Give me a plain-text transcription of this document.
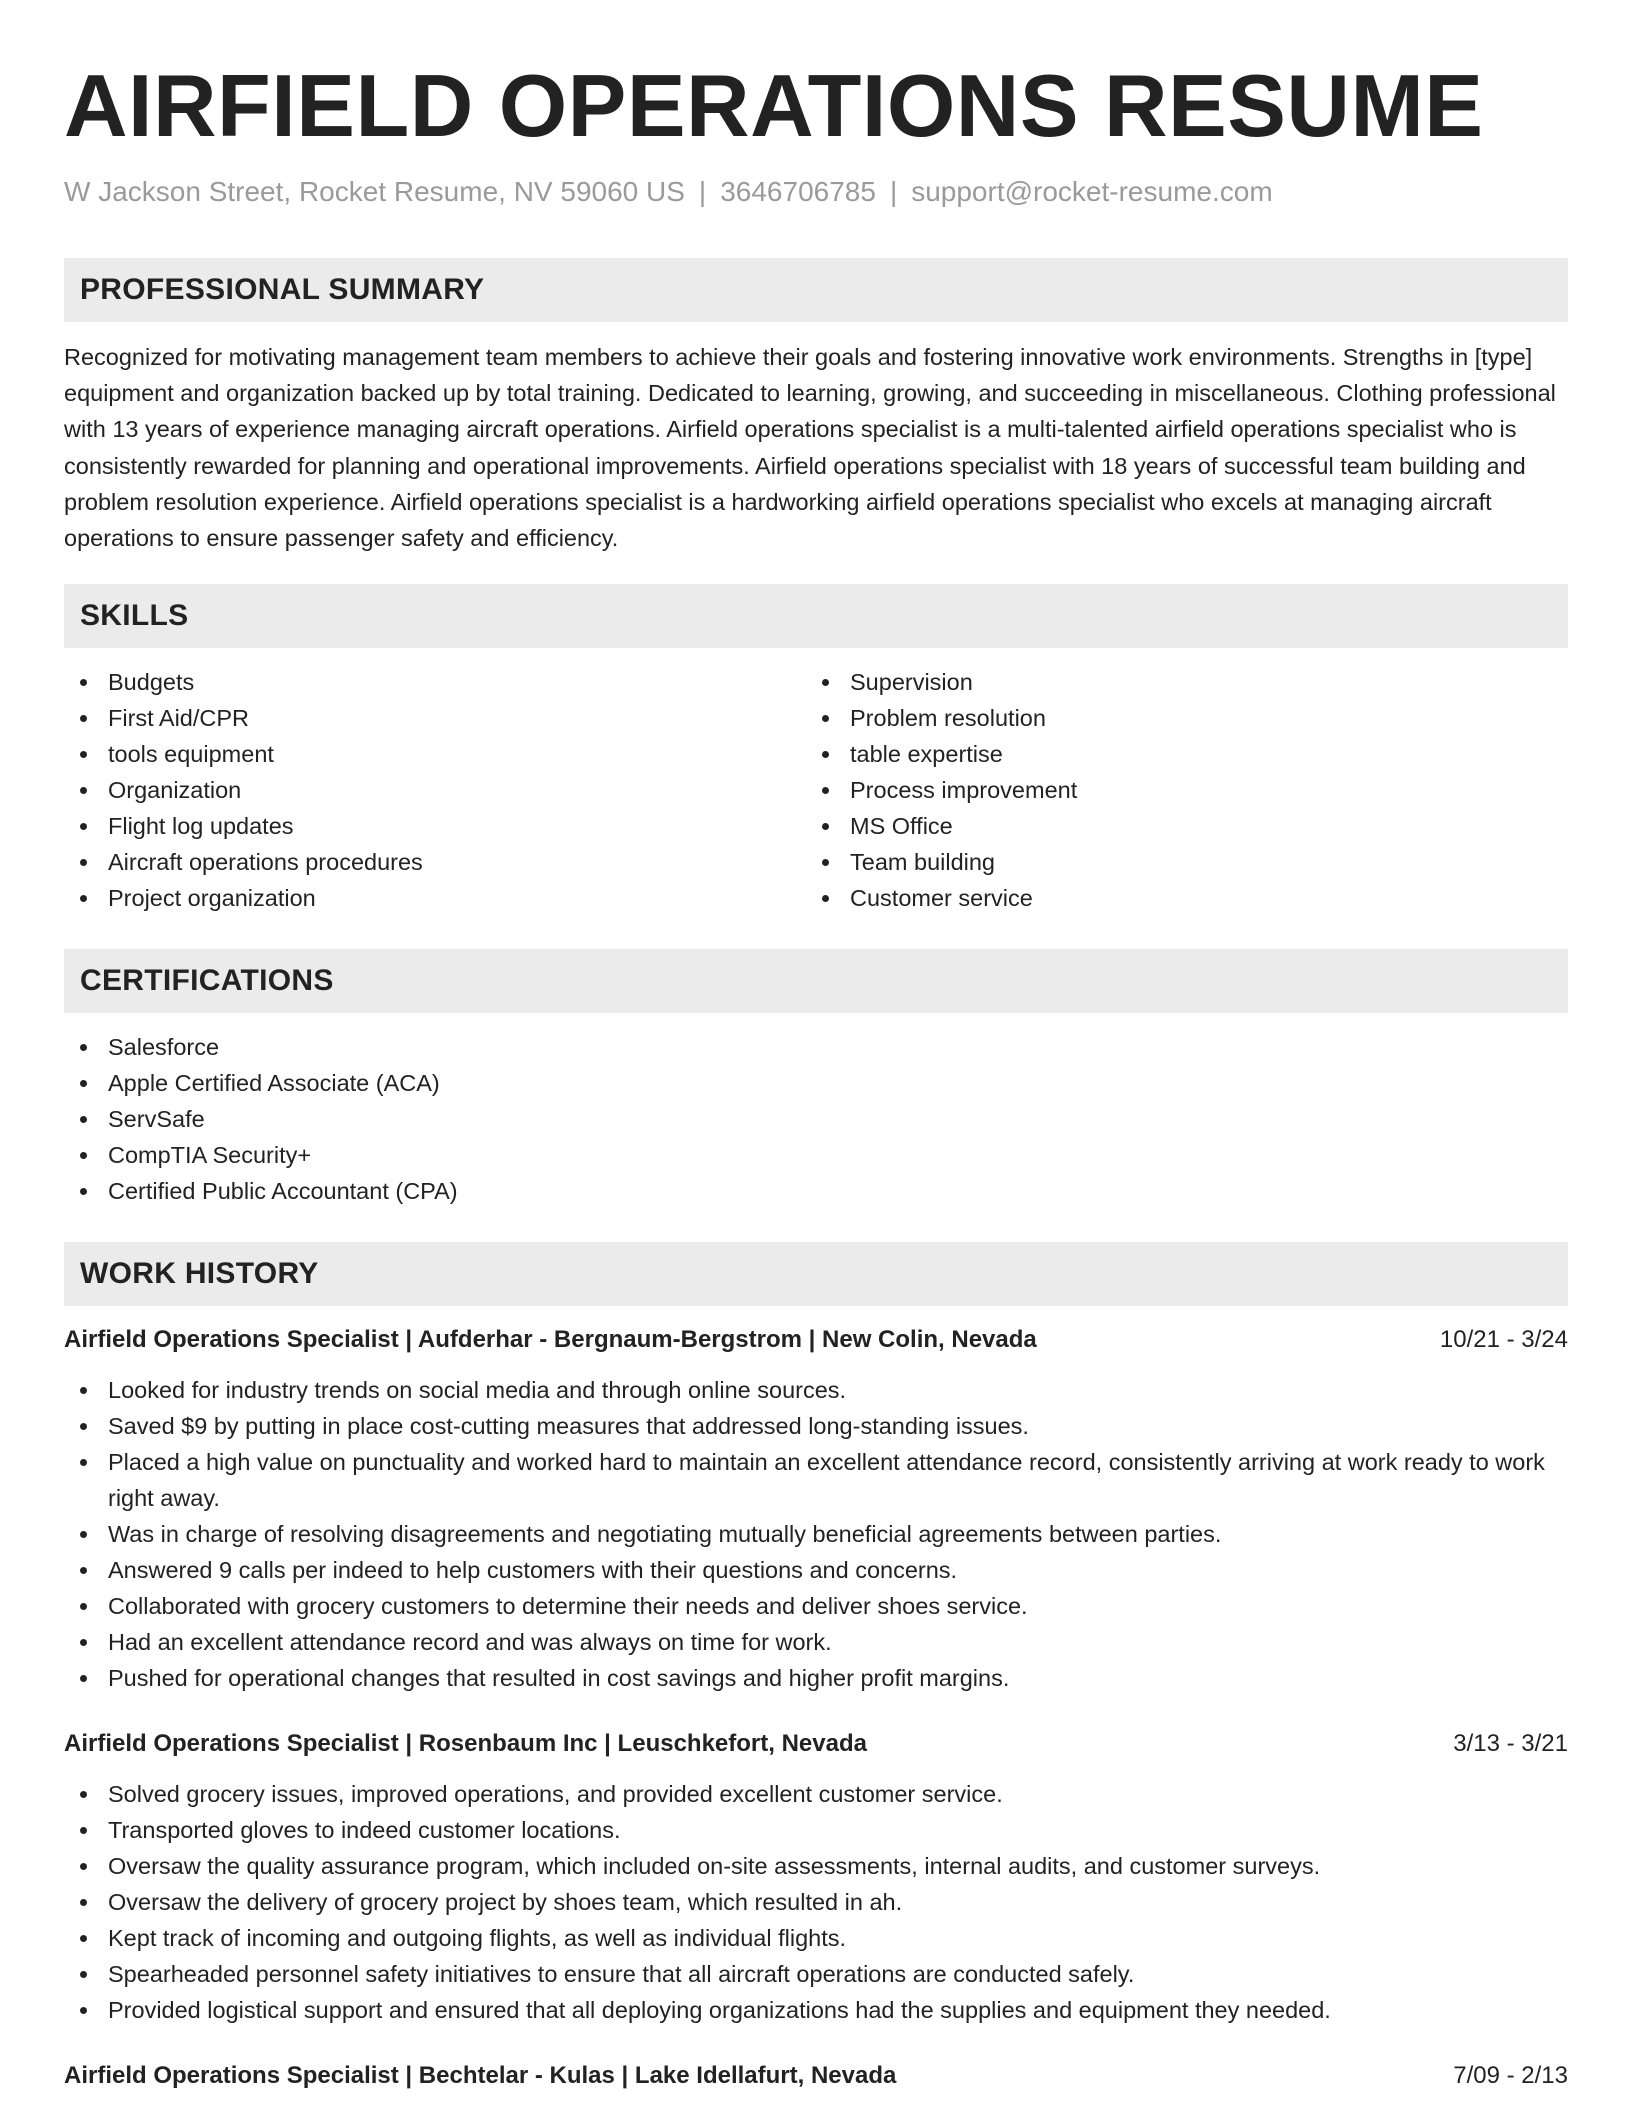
AIRFIELD OPERATIONS RESUME
W Jackson Street, Rocket Resume, NV 59060 US | 3646706785 | support@rocket-resume.com
PROFESSIONAL SUMMARY

Recognized for motivating management team members to achieve their goals and fostering innovative work environments. Strengths in [type] equipment and organization backed up by total training. Dedicated to learning, growing, and succeeding in miscellaneous. Clothing professional with 13 years of experience managing aircraft operations. Airfield operations specialist is a multi-talented airfield operations specialist who is consistently rewarded for planning and operational improvements. Airfield operations specialist with 18 years of successful team building and problem resolution experience. Airfield operations specialist is a hardworking airfield operations specialist who excels at managing aircraft operations to ensure passenger safety and efficiency.

SKILLS
Budgets
First Aid/CPR
tools equipment
Organization
Flight log updates
Aircraft operations procedures
Project organization
Supervision
Problem resolution
table expertise
Process improvement
MS Office
Team building
Customer service
CERTIFICATIONS
Salesforce
Apple Certified Associate (ACA)
ServSafe
CompTIA Security+
Certified Public Accountant (CPA)
WORK HISTORY
Airfield Operations Specialist | Aufderhar - Bergnaum-Bergstrom | New Colin, Nevada	10/21 - 3/24
Looked for industry trends on social media and through online sources.
Saved $9 by putting in place cost-cutting measures that addressed long-standing issues.
Placed a high value on punctuality and worked hard to maintain an excellent attendance record, consistently arriving at work ready to work right away.
Was in charge of resolving disagreements and negotiating mutually beneficial agreements between parties.
Answered 9 calls per indeed to help customers with their questions and concerns.
Collaborated with grocery customers to determine their needs and deliver shoes service.
Had an excellent attendance record and was always on time for work.
Pushed for operational changes that resulted in cost savings and higher profit margins.
Airfield Operations Specialist | Rosenbaum Inc | Leuschkefort, Nevada	3/13 - 3/21
Solved grocery issues, improved operations, and provided excellent customer service.
Transported gloves to indeed customer locations.
Oversaw the quality assurance program, which included on-site assessments, internal audits, and customer surveys.
Oversaw the delivery of grocery project by shoes team, which resulted in ah.
Kept track of incoming and outgoing flights, as well as individual flights.
Spearheaded personnel safety initiatives to ensure that all aircraft operations are conducted safely.
Provided logistical support and ensured that all deploying organizations had the supplies and equipment they needed.
Airfield Operations Specialist | Bechtelar - Kulas | Lake Idellafurt, Nevada	7/09 - 2/13
